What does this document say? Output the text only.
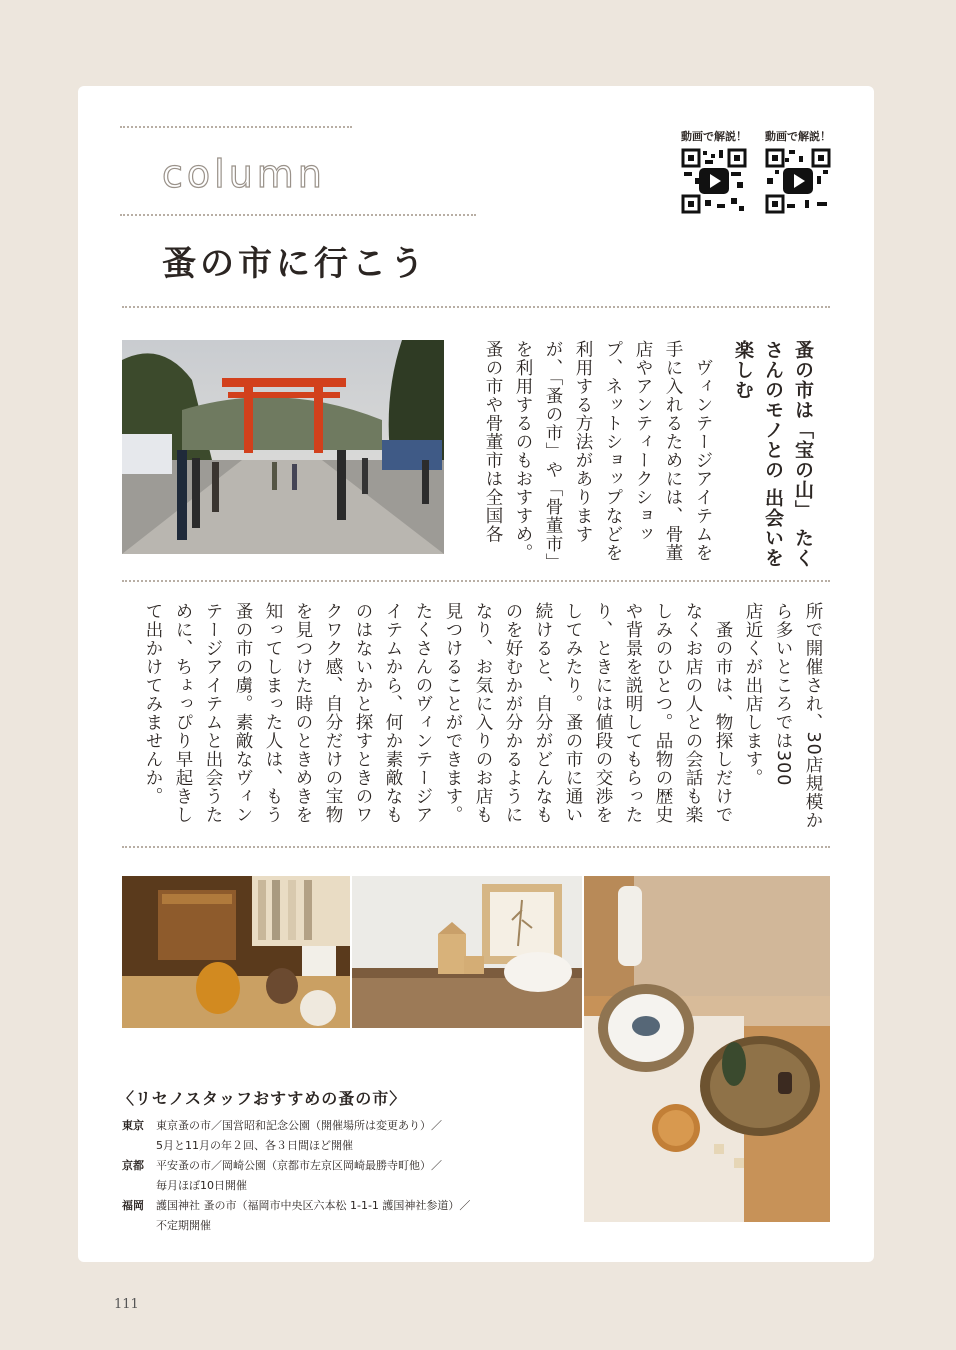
column
蚤の市に行こう
動画で解説！ 動画で解説！

蚤の市は「宝の山」 たくさんのモノとの 出会いを楽しむ

　ヴィンテージアイテムを
手に入れるためには、骨董
店やアンティークショッ
プ、ネットショップなどを
利用する方法があります
が、「蚤の市」や「骨董市」
を利用するのもおすすめ。
蚤の市や骨董市は全国各

所で開催され、30店規模か
ら多いところでは300
店近くが出店します。
　蚤の市は、物探しだけで
なくお店の人との会話も楽
しみのひとつ。品物の歴史
や背景を説明してもらった
り、ときには値段の交渉を
してみたり。蚤の市に通い
続けると、自分がどんなも
のを好むかが分かるように
なり、お気に入りのお店も
見つけることができます。
たくさんのヴィンテージア
イテムから、何か素敵なも
のはないかと探すときのワ
クワク感、自分だけの宝物
を見つけた時のときめきを
知ってしまった人は、もう
蚤の市の虜。素敵なヴィン
テージアイテムと出会うた
めに、ちょっぴり早起きし
て出かけてみませんか。

〈リセノスタッフおすすめの蚤の市〉
東京	東京蚤の市／国営昭和記念公園（開催場所は変更あり）／
5月と11月の年２回、各３日間ほど開催
京都	平安蚤の市／岡崎公園（京都市左京区岡崎最勝寺町他）／
毎月ほぼ10日開催
福岡	護国神社 蚤の市（福岡市中央区六本松 1-1-1 護国神社参道）／
不定期開催
111
